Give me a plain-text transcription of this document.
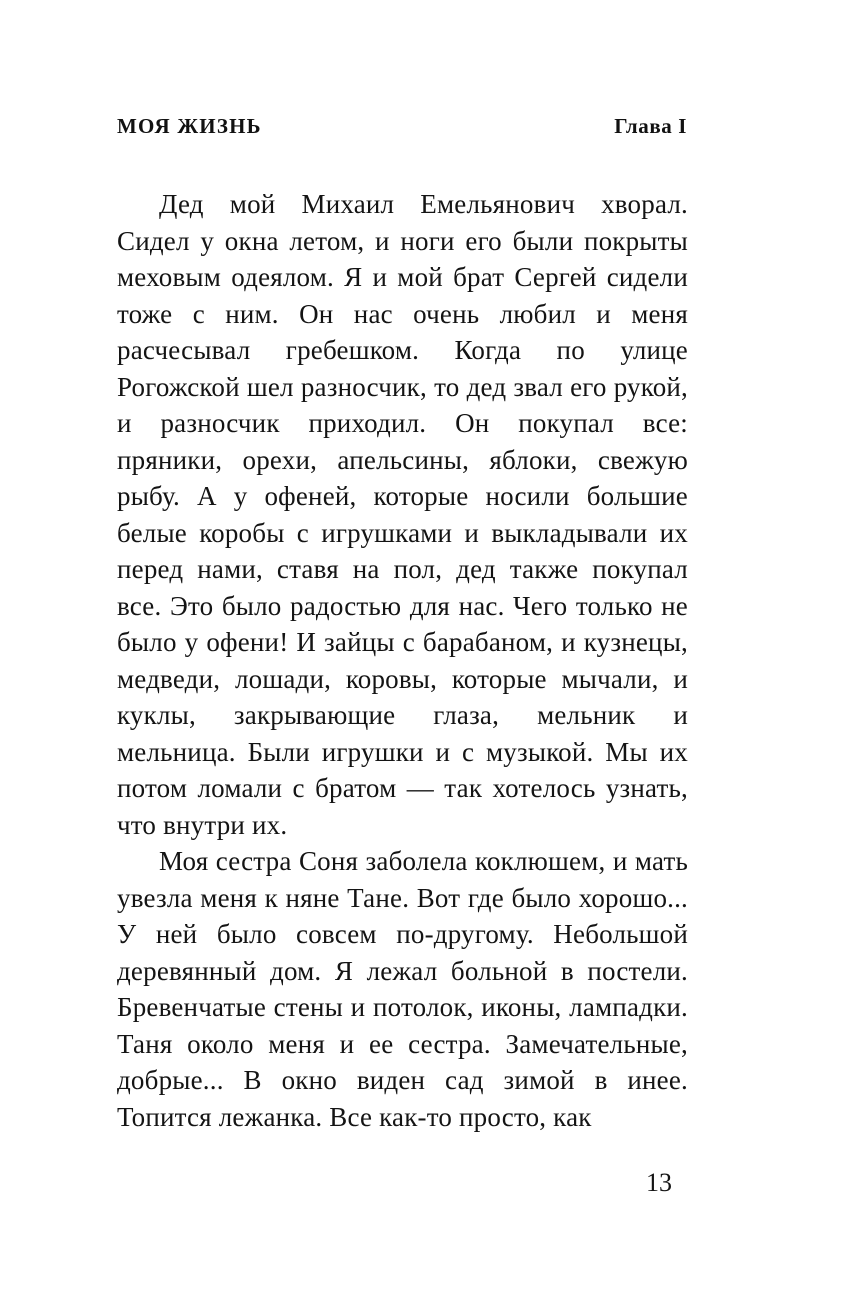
МОЯ ЖИЗНЬ	Глава I

Дед мой Михаил Емельянович хворал. Сидел у окна летом, и ноги его были покрыты меховым одеялом. Я и мой брат Сергей сидели тоже с ним. Он нас очень любил и меня расчесывал гребешком. Когда по улице Рогожской шел разносчик, то дед звал его рукой, и разносчик приходил. Он покупал все: пряники, орехи, апельсины, яблоки, свежую рыбу. А у офеней, которые носили большие белые коробы с игрушками и выкладывали их перед нами, ставя на пол, дед также покупал все. Это было радостью для нас. Чего только не было у офени! И зайцы с барабаном, и кузнецы, медведи, лошади, коровы, которые мычали, и куклы, закрывающие глаза, мельник и мельница. Были игрушки и с музыкой. Мы их потом ломали с братом — так хотелось узнать, что внутри их.

Моя сестра Соня заболела коклюшем, и мать увезла меня к няне Тане. Вот где было хорошо... У ней было совсем по-другому. Небольшой деревянный дом. Я лежал больной в постели. Бревенчатые стены и потолок, иконы, лампадки. Таня около меня и ее сестра. Замечательные, добрые... В окно виден сад зимой в инее. Топится лежанка. Все как-то просто, как

13
